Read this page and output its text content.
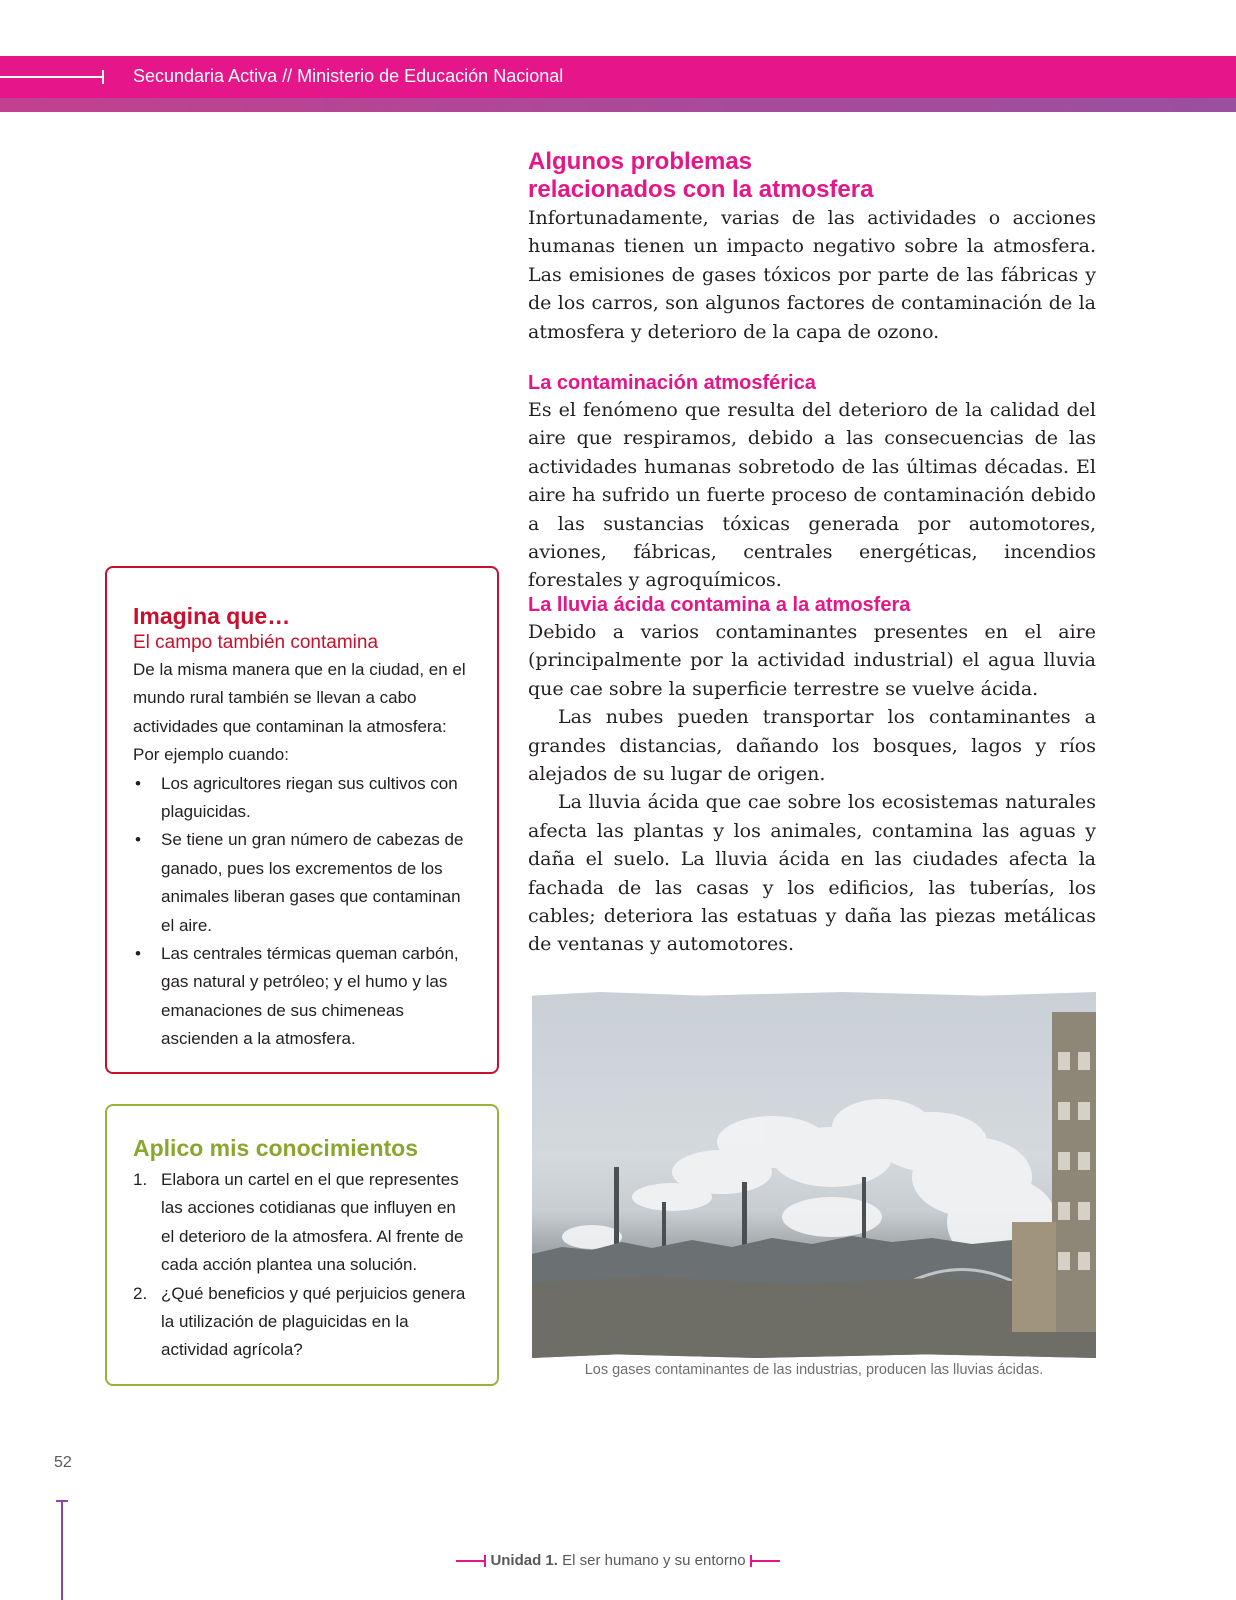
Secundaria Activa // Ministerio de Educación Nacional
Algunos problemas
relacionados con la atmosfera

Infortunadamente, varias de las actividades o acciones humanas tienen un impacto negativo sobre la atmosfera. Las emisiones de gases tóxicos por parte de las fábricas y de los carros, son algunos factores de contaminación de la atmosfera y deterioro de la capa de ozono.

La contaminación atmosférica

Es el fenómeno que resulta del deterioro de la calidad del aire que respiramos, debido a las consecuencias de las actividades humanas sobretodo de las últimas décadas. El aire ha sufrido un fuerte proceso de contaminación debido a las sustancias tóxicas generada por automotores, aviones, fábricas, centrales energéticas, incendios forestales y agroquímicos.

La lluvia ácida contamina a la atmosfera

Debido a varios contaminantes presentes en el aire (principalmente por la actividad industrial) el agua lluvia que cae sobre la superficie terrestre se vuelve ácida.

Las nubes pueden transportar los contaminantes a grandes distancias, dañando los bosques, lagos y ríos alejados de su lugar de origen.

La lluvia ácida que cae sobre los ecosistemas naturales afecta las plantas y los animales, contamina las aguas y daña el suelo. La lluvia ácida en las ciudades afecta la fachada de las casas y los edificios, las tuberías, los cables; deteriora las estatuas y daña las piezas metálicas de ventanas y automotores.

Los gases contaminantes de las industrias, producen las lluvias ácidas.
Imagina que…

El campo también contamina

De la misma manera que en la ciudad, en el mundo rural también se llevan a cabo actividades que contaminan la atmosfera: Por ejemplo cuando:

• Los agricultores riegan sus cultivos con plaguicidas.
• Se tiene un gran número de cabezas de ganado, pues los excrementos de los animales liberan gases que contaminan el aire.
• Las centrales térmicas queman carbón, gas natural y petróleo; y el humo y las emanaciones de sus chimeneas ascienden a la atmosfera.
Aplico mis conocimientos
1. Elabora un cartel en el que representes las acciones cotidianas que influyen en el deterioro de la atmosfera. Al frente de cada acción plantea una solución.
2. ¿Qué beneficios y qué perjuicios genera la utilización de plaguicidas en la actividad agrícola?
52
Unidad 1. El ser humano y su entorno
